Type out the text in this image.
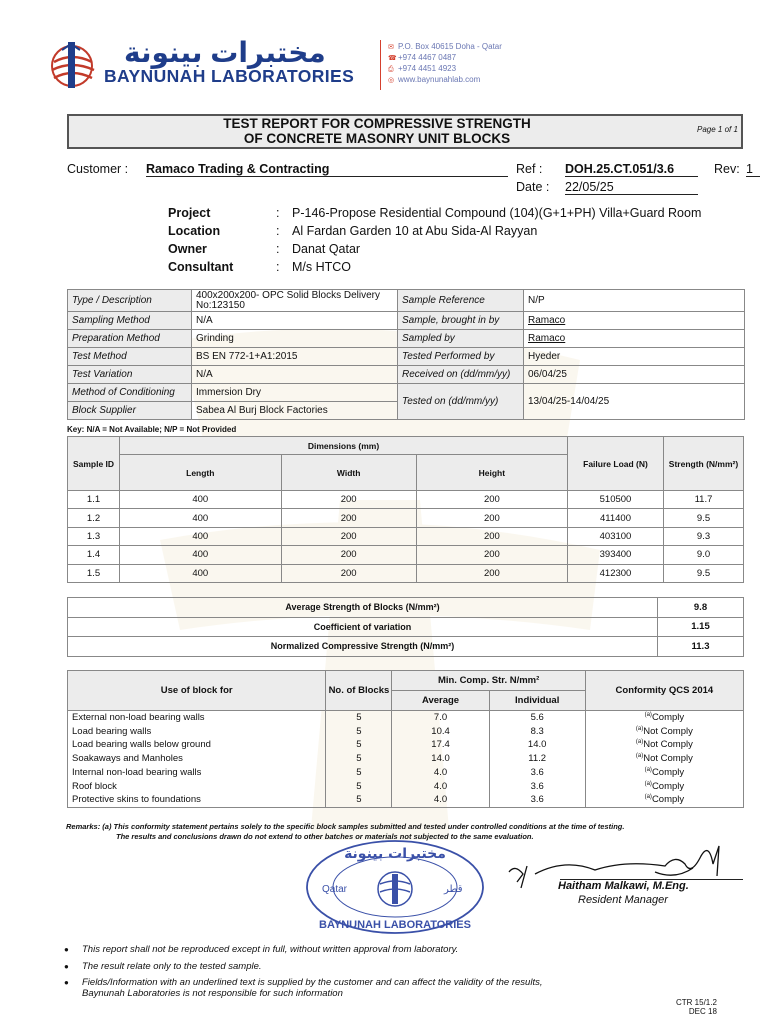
مختبرات بينونة
BAYNUNAH LABORATORIES
✉ P.O. Box 40615 Doha - Qatar
☎+974 4467 0487
⎙ +974 4451 4923
◎ www.baynunahlab.com
TEST REPORT FOR COMPRESSIVE STRENGTH
OF CONCRETE MASONRY UNIT BLOCKS
Page 1 of 1
Customer : Ramaco Trading & Contracting	Ref : DOH.25.CT.051/3.6	Rev: 1
Date : 22/05/25
Project	: P-146-Propose Residential Compound (104)(G+1+PH) Villa+Guard Room
Location	: Al Fardan Garden 10 at Abu Sida-Al Rayyan
Owner	: Danat Qatar
Consultant	: M/s HTCO
Type / Description	400x200x200- OPC Solid Blocks Delivery No:123150	Sample Reference	N/P
Sampling Method	N/A	Sample, brought in by	Ramaco
Preparation Method	Grinding	Sampled by	Ramaco
Test Method	BS EN 772-1+A1:2015	Tested Performed by	Hyeder
Test Variation	N/A	Received on (dd/mm/yy)	06/04/25
Method of Conditioning	Immersion Dry	Tested on (dd/mm/yy)	13/04/25-14/04/25
Block Supplier	Sabea Al Burj Block Factories		
Key: N/A = Not Available; N/P = Not Provided
Sample ID	Dimensions (mm)			Failure Load (N)	Strength (N/mm²)
	Length	Width	Height		
1.1	400	200	200	510500	11.7
1.2	400	200	200	411400	9.5
1.3	400	200	200	403100	9.3
1.4	400	200	200	393400	9.0
1.5	400	200	200	412300	9.5
Average Strength of Blocks (N/mm²)	9.8
Coefficient of variation	1.15
Normalized Compressive Strength (N/mm²)	11.3
Use of block for	No. of Blocks	Min. Comp. Str. N/mm²		Conformity QCS 2014
		Average	Individual	
External non-load bearing walls	5	7.0	5.6	$^{(a)}$Comply
Load bearing walls	5	10.4	8.3	$^{(a)}$Not Comply
Load bearing walls below ground	5	17.4	14.0	$^{(a)}$Not Comply
Soakaways and Manholes	5	14.0	11.2	$^{(a)}$Not Comply
Internal non-load bearing walls	5	4.0	3.6	$^{(a)}$Comply
Roof block	5	4.0	3.6	$^{(a)}$Comply
Protective skins to foundations	5	4.0	3.6	$^{(a)}$Comply
Remarks: (a) This conformity statement pertains solely to the specific block samples submitted and tested under controlled conditions at the time of testing.
The results and conclusions drawn do not extend to other batches or materials not subjected to the same evaluation.
مختبرات بينونة
Qatar	قطر
BAYNUNAH LABORATORIES
Haitham Malkawi, M.Eng.
Resident Manager
● This report shall not be reproduced except in full, without written approval from laboratory.
● The result relate only to the tested sample.
● Fields/Information with an underlined text is supplied by the customer and can affect the validity of the results,
Baynunah Laboratories is not responsible for such information
CTR 15/1.2
DEC 18
